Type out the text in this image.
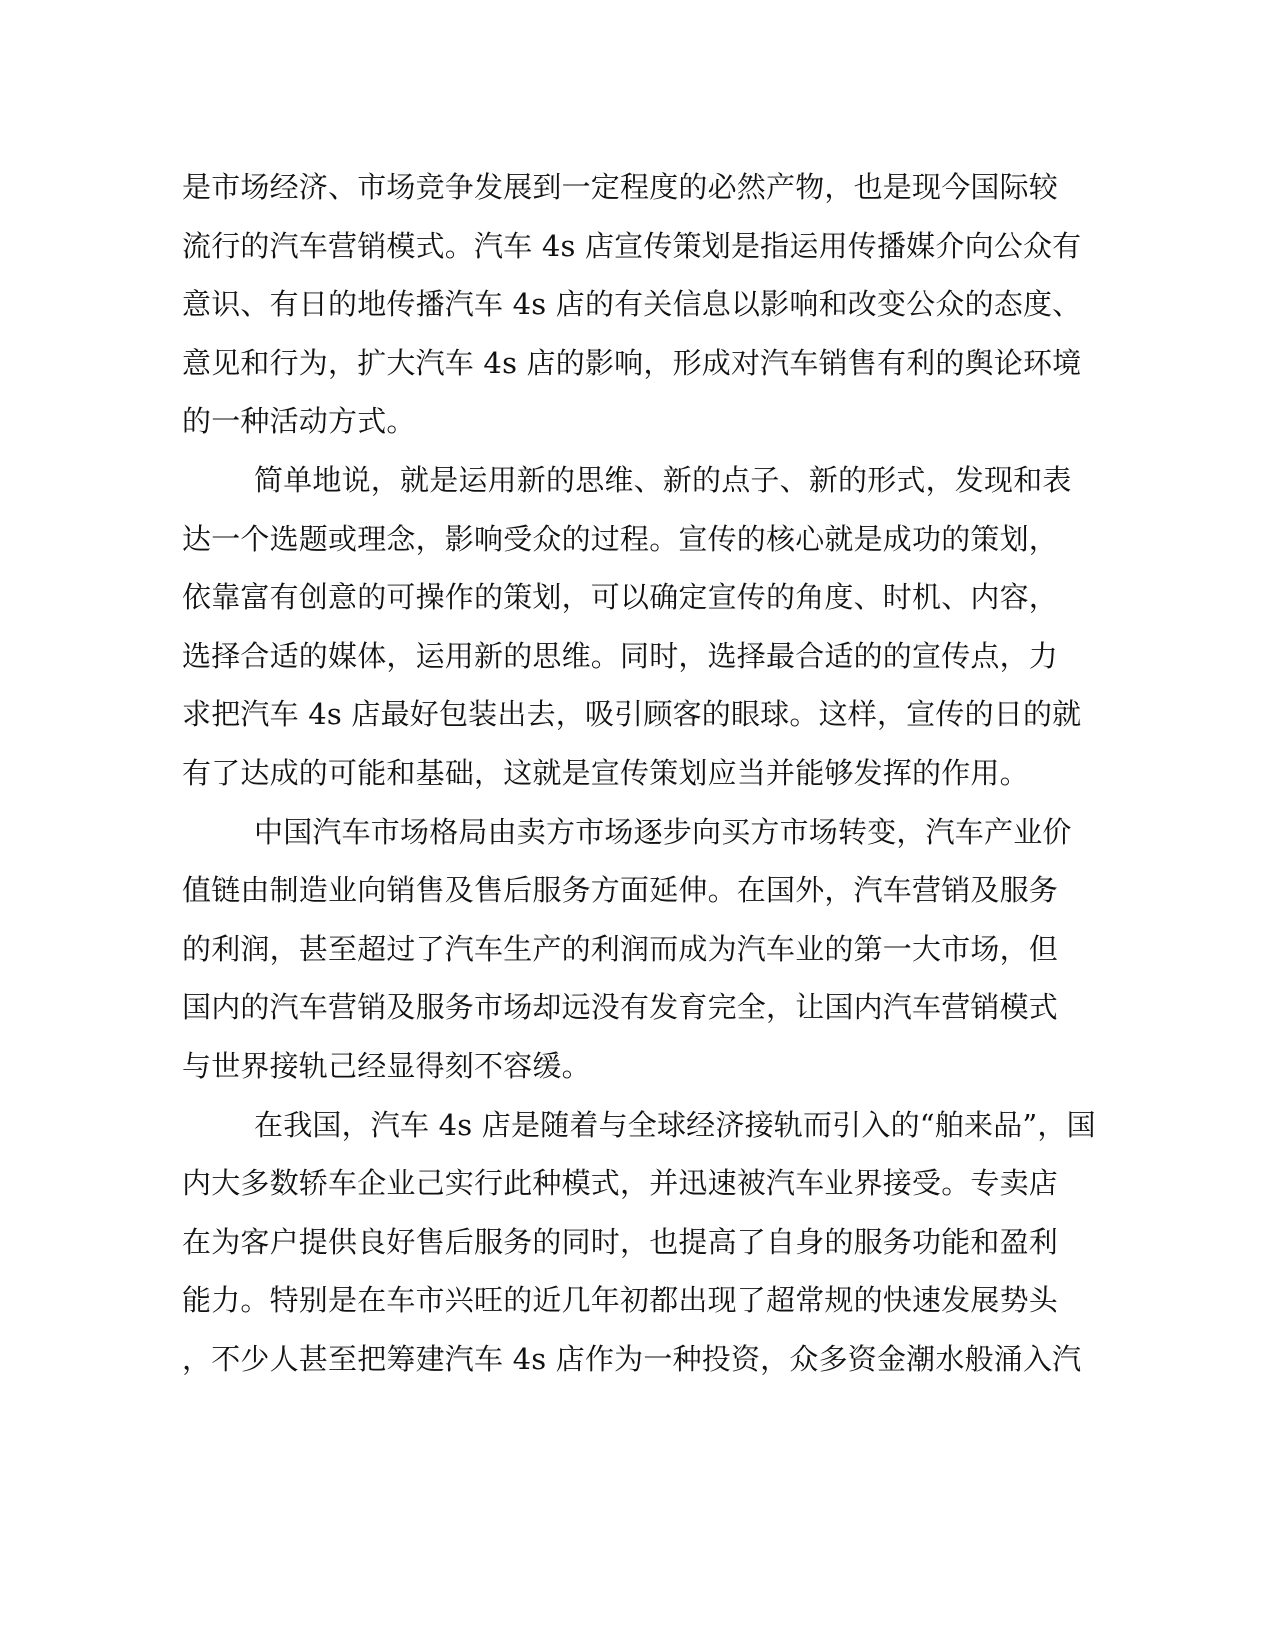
是市场经济、市场竞争发展到一定程度的必然产物，也是现今国际较
流行的汽车营销模式。汽车 4s 店宣传策划是指运用传播媒介向公众有
意识、有日的地传播汽车 4s 店的有关信息以影响和改变公众的态度、
意见和行为，扩大汽车 4s 店的影响，形成对汽车销售有利的舆论环境
的一种活动方式。
简单地说，就是运用新的思维、新的点子、新的形式，发现和表
达一个选题或理念，影响受众的过程。宣传的核心就是成功的策划，
依靠富有创意的可操作的策划，可以确定宣传的角度、时机、内容，
选择合适的媒体，运用新的思维。同时，选择最合适的的宣传点，力
求把汽车 4s 店最好包装出去，吸引顾客的眼球。这样，宣传的日的就
有了达成的可能和基础，这就是宣传策划应当并能够发挥的作用。
中国汽车市场格局由卖方市场逐步向买方市场转变，汽车产业价
值链由制造业向销售及售后服务方面延伸。在国外，汽车营销及服务
的利润，甚至超过了汽车生产的利润而成为汽车业的第一大市场，但
国内的汽车营销及服务市场却远没有发育完全，让国内汽车营销模式
与世界接轨己经显得刻不容缓。
在我国，汽车 4s 店是随着与全球经济接轨而引入的“舶来品”，国
内大多数轿车企业己实行此种模式，并迅速被汽车业界接受。专卖店
在为客户提供良好售后服务的同时，也提高了自身的服务功能和盈利
能力。特别是在车市兴旺的近几年初都出现了超常规的快速发展势头
，不少人甚至把筹建汽车 4s 店作为一种投资，众多资金潮水般涌入汽
